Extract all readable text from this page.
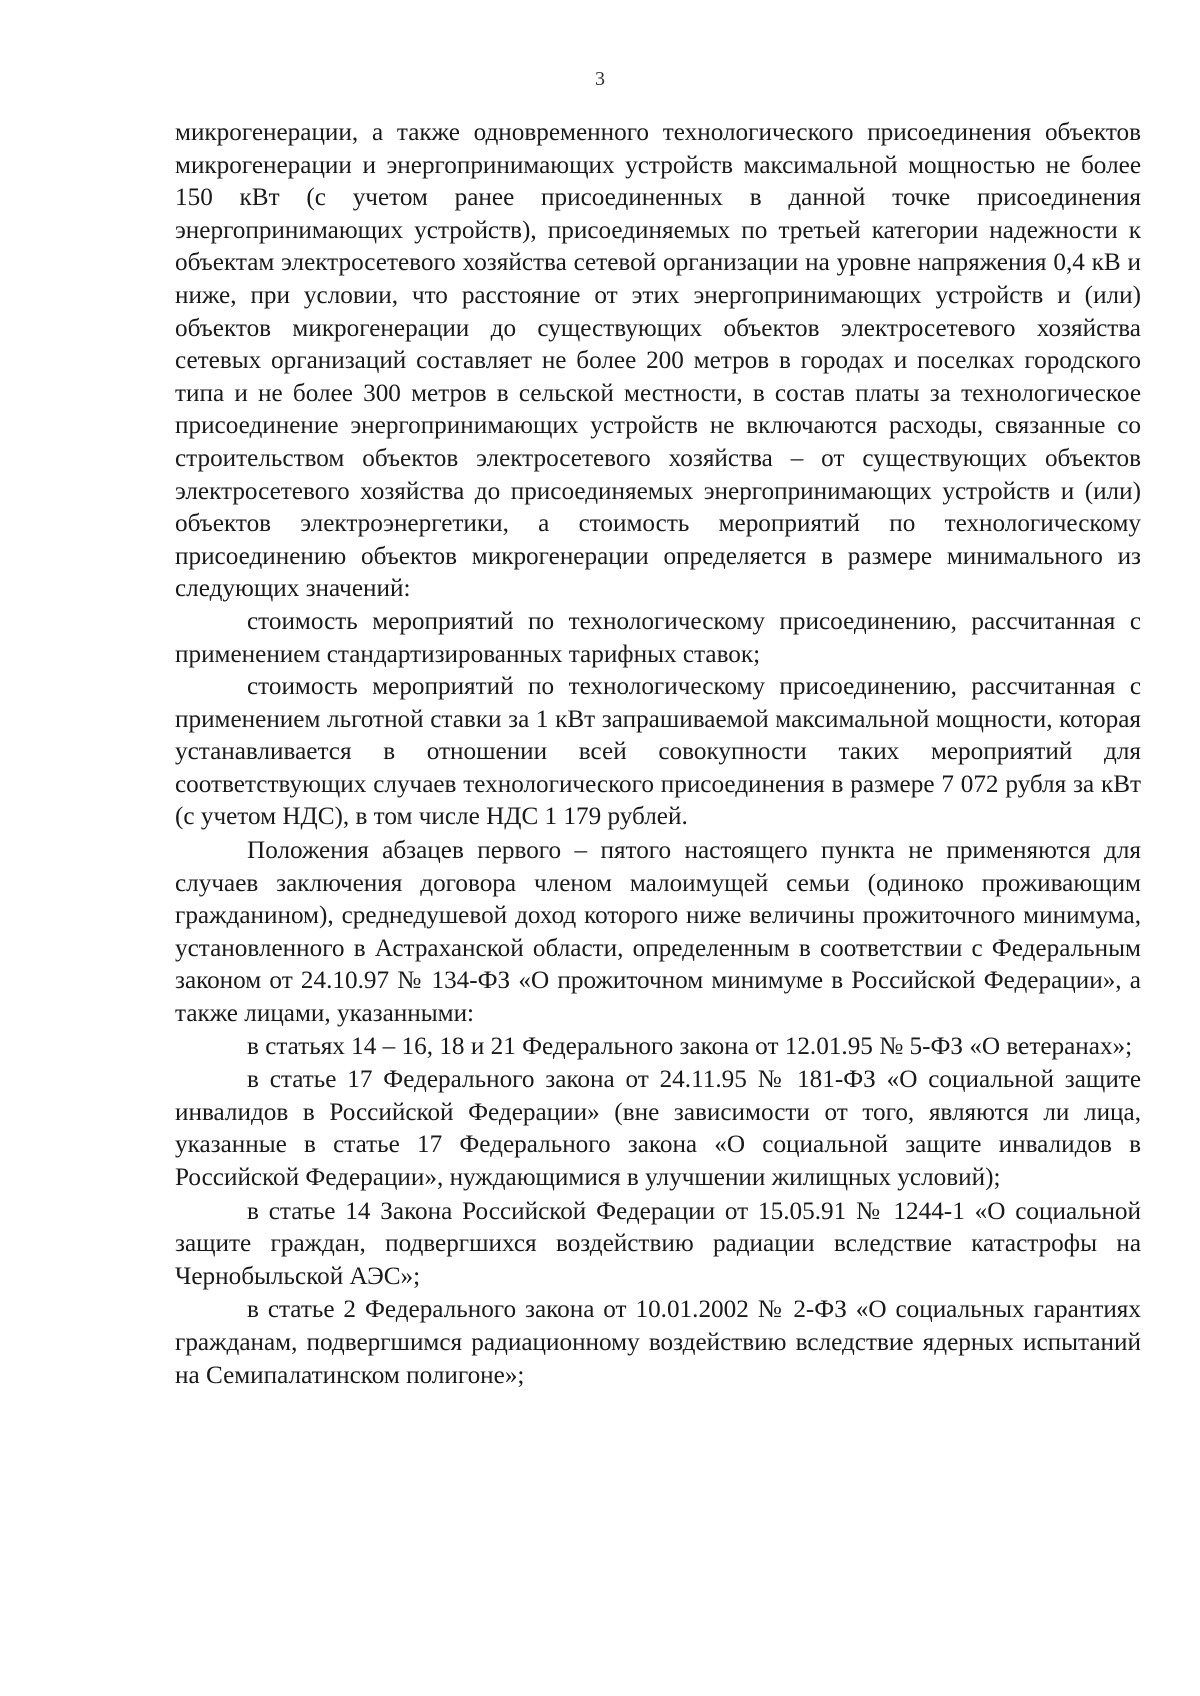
3

микрогенерации, а также одновременного технологического присоединения объектов микрогенерации и энергопринимающих устройств максимальной мощностью не более 150 кВт (с учетом ранее присоединенных в данной точке присоединения энергопринимающих устройств), присоединяемых по третьей категории надежности к объектам электросетевого хозяйства сетевой организации на уровне напряжения 0,4 кВ и ниже, при условии, что расстояние от этих энергопринимающих устройств и (или) объектов микрогенерации до существующих объектов электросетевого хозяйства сетевых организаций составляет не более 200 метров в городах и поселках городского типа и не более 300 метров в сельской местности, в состав платы за технологическое присоединение энергопринимающих устройств не включаются расходы, связанные со строительством объектов электросетевого хозяйства – от существующих объектов электросетевого хозяйства до присоединяемых энергопринимающих устройств и (или) объектов электроэнергетики, а стоимость мероприятий по технологическому присоединению объектов микрогенерации определяется в размере минимального из следующих значений:

стоимость мероприятий по технологическому присоединению, рассчитанная с применением стандартизированных тарифных ставок;

стоимость мероприятий по технологическому присоединению, рассчитанная с применением льготной ставки за 1 кВт запрашиваемой максимальной мощности, которая устанавливается в отношении всей совокупности таких мероприятий для соответствующих случаев технологического присоединения в размере 7 072 рубля за кВт (с учетом НДС), в том числе НДС 1 179 рублей.

Положения абзацев первого – пятого настоящего пункта не применяются для случаев заключения договора членом малоимущей семьи (одиноко проживающим гражданином), среднедушевой доход которого ниже величины прожиточного минимума, установленного в Астраханской области, определенным в соответствии с Федеральным законом от 24.10.97 № 134-ФЗ «О прожиточном минимуме в Российской Федерации», а также лицами, указанными:

в статьях 14 – 16, 18 и 21 Федерального закона от 12.01.95 № 5-ФЗ «О ветеранах»;

в статье 17 Федерального закона от 24.11.95 № 181-ФЗ «О социальной защите инвалидов в Российской Федерации» (вне зависимости от того, являются ли лица, указанные в статье 17 Федерального закона «О социальной защите инвалидов в Российской Федерации», нуждающимися в улучшении жилищных условий);

в статье 14 Закона Российской Федерации от 15.05.91 № 1244-1 «О социальной защите граждан, подвергшихся воздействию радиации вследствие катастрофы на Чернобыльской АЭС»;

в статье 2 Федерального закона от 10.01.2002 № 2-ФЗ «О социальных гарантиях гражданам, подвергшимся радиационному воздействию вследствие ядерных испытаний на Семипалатинском полигоне»;
